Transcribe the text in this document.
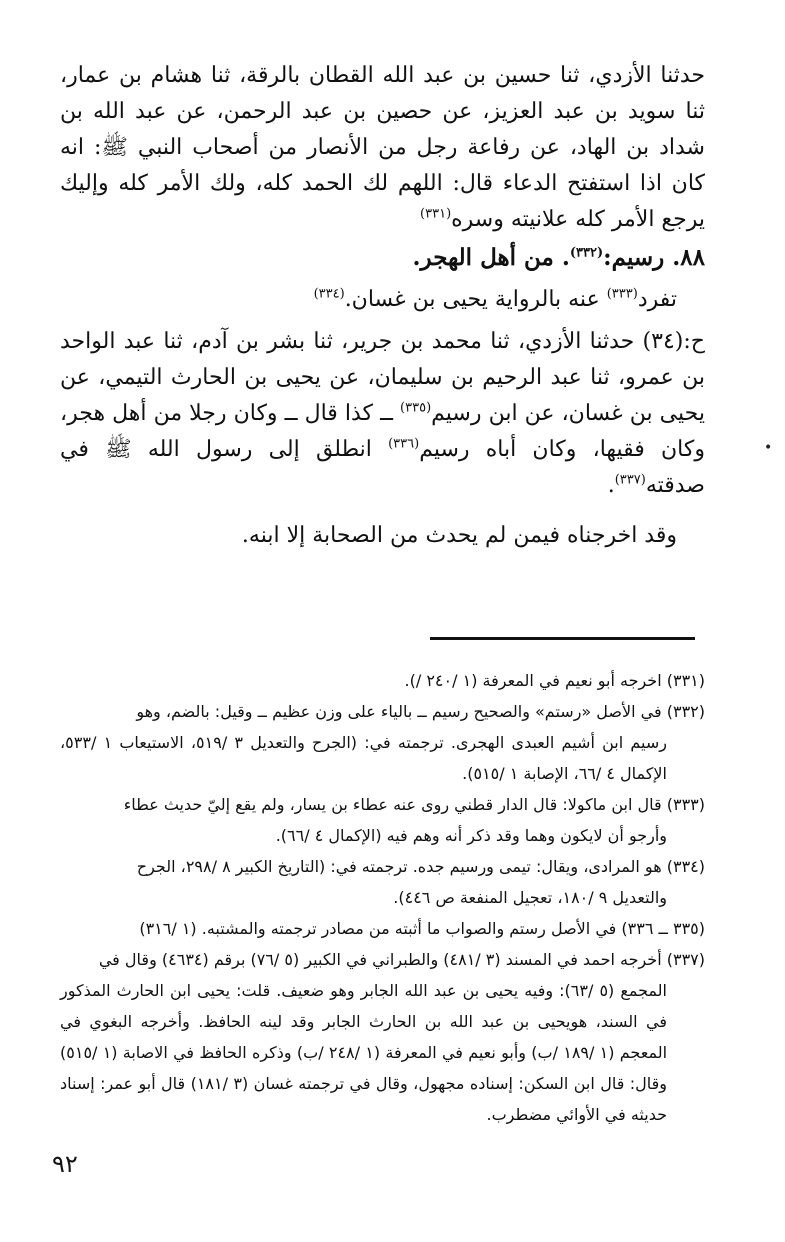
حدثنا الأزدي، ثنا حسين بن عبد الله القطان بالرقة، ثنا هشام بن عمار، ثنا سويد بن عبد العزيز، عن حصين بن عبد الرحمن، عن عبد الله بن شداد بن الهاد، عن رفاعة رجل من الأنصار من أصحاب النبي ﷺ: انه كان اذا استفتح الدعاء قال: اللهم لك الحمد كله، ولك الأمر كله وإليك يرجع الأمر كله علانيته وسره$^{(٣٣١)}$

٨٨. رسيم:$^{(٣٣٢)}$. من أهل الهجر.

تفرد$^{(٣٣٣)}$ عنه بالرواية يحيى بن غسان.$^{(٣٣٤)}$

ح:(٣٤) حدثنا الأزدي، ثنا محمد بن جرير، ثنا بشر بن آدم، ثنا عبد الواحد بن عمرو، ثنا عبد الرحيم بن سليمان، عن يحيى بن الحارث التيمي، عن يحيى بن غسان، عن ابن رسيم$^{(٣٣٥)}$ ــ كذا قال ــ وكان رجلا من أهل هجر، وكان فقيها، وكان أباه رسيم$^{(٣٣٦)}$ انطلق إلى رسول الله ﷺ في صدقته$^{(٣٣٧)}$.

وقد اخرجناه فيمن لم يحدث من الصحابة إلا ابنه.

(٣٣١) اخرجه أبو نعيم في المعرفة (١ /٢٤٠ /).

(٣٣٢) في الأصل «رستم» والصحيح رسيم ــ بالياء على وزن عظيم ــ وقيل: بالضم، وهو
رسيم ابن أشيم العبدى الهجرى. ترجمته في: (الجرح والتعديل ٣ /٥١٩، الاستيعاب ١ /٥٣٣، الإكمال ٤ /٦٦، الإصابة ١ /٥١٥).

(٣٣٣) قال ابن ماكولا: قال الدار قطني روى عنه عطاء بن يسار، ولم يقع إليّ حديث عطاء
وأرجو أن لايكون وهما وقد ذكر أنه وهم فيه (الإكمال ٤ /٦٦).

(٣٣٤) هو المرادى، ويقال: تيمى ورسيم جده. ترجمته في: (التاريخ الكبير ٨ /٢٩٨، الجرح
والتعديل ٩ /١٨٠، تعجيل المنفعة ص ٤٤٦).

(٣٣٥ ــ ٣٣٦) في الأصل رستم والصواب ما أثبته من مصادر ترجمته والمشتبه. (١ /٣١٦)

(٣٣٧) أخرجه احمد في المسند (٣ /٤٨١) والطبراني في الكبير (٥ /٧٦) برقم (٤٦٣٤) وقال في
المجمع (٥ /٦٣): وفيه يحيى بن عبد الله الجابر وهو ضعيف. قلت: يحيى ابن الحارث المذكور في السند، هويحيى بن عبد الله بن الحارث الجابر وقد لينه الحافظ. وأخرجه البغوي في المعجم (١ /١٨٩ /ب) وأبو نعيم في المعرفة (١ /٢٤٨ /ب) وذكره الحافظ في الاصابة (١ /٥١٥) وقال: قال ابن السكن: إسناده مجهول، وقال في ترجمته غسان (٣ /١٨١) قال أبو عمر: إسناد حديثه في الأوائي مضطرب.

٩٢
•
